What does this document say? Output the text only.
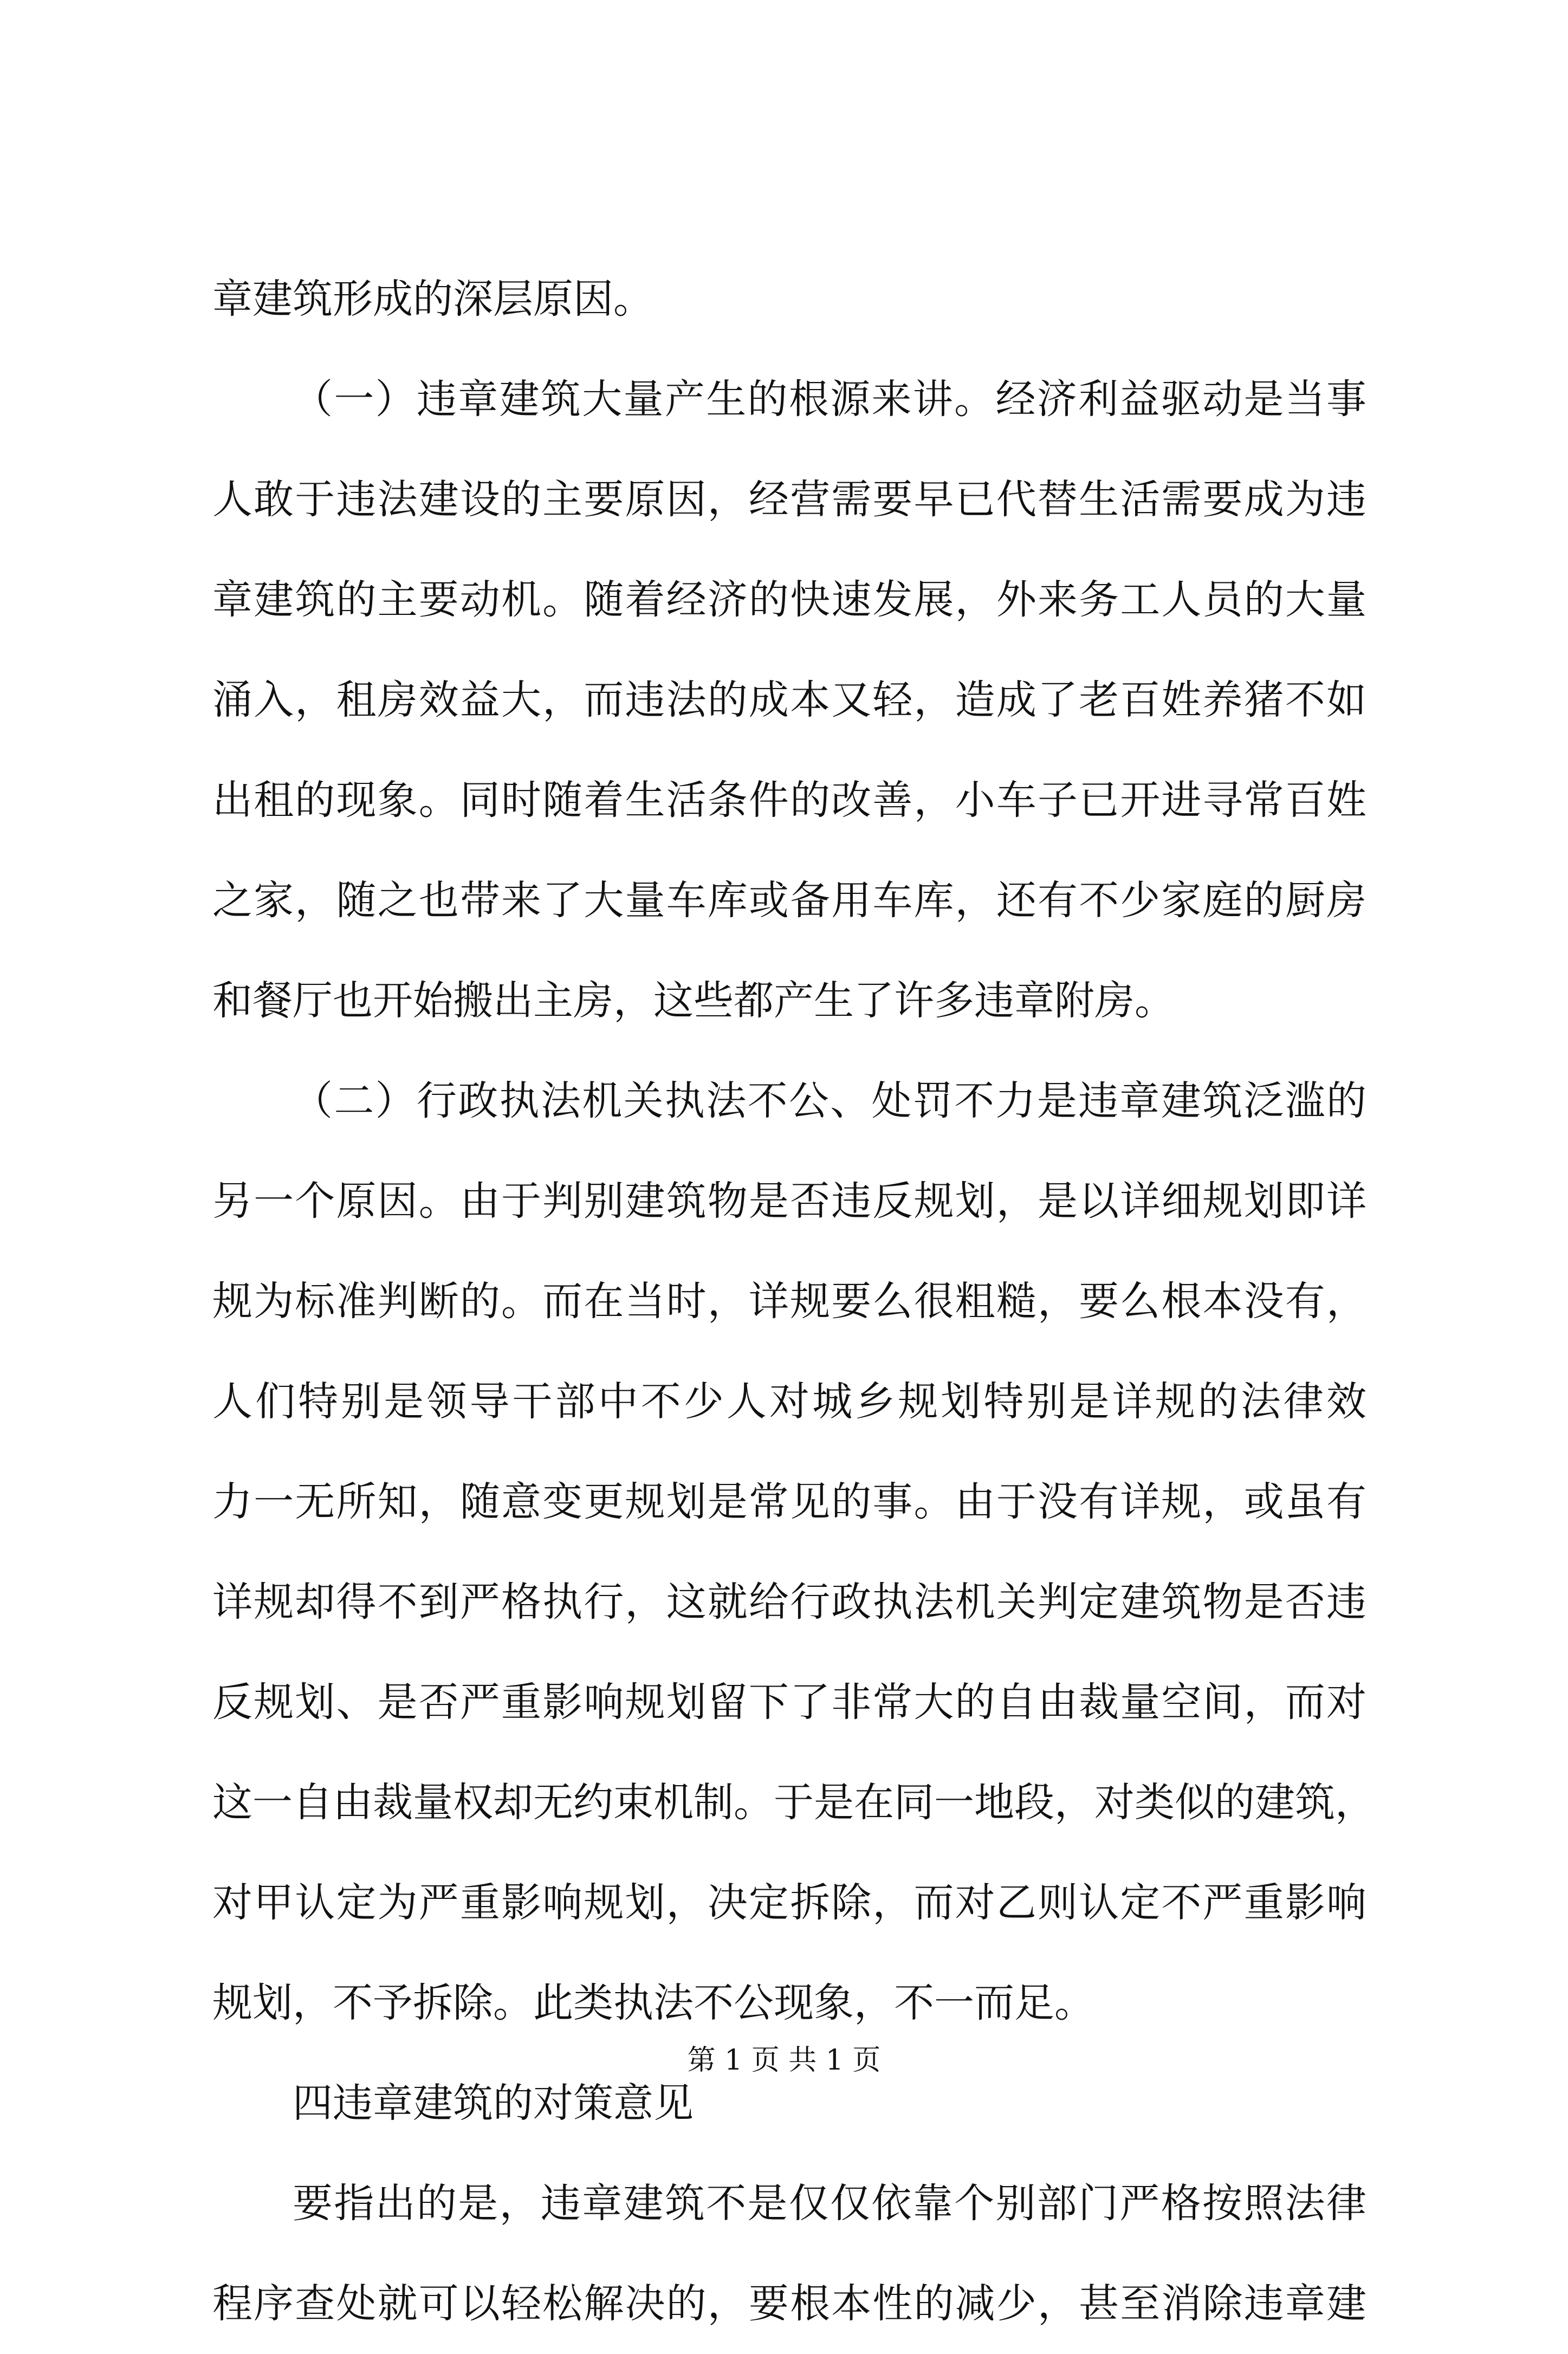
章建筑形成的深层原因。
（一）违章建筑大量产生的根源来讲。经济利益驱动是当事
人敢于违法建设的主要原因，经营需要早已代替生活需要成为违
章建筑的主要动机。随着经济的快速发展，外来务工人员的大量
涌入，租房效益大，而违法的成本又轻，造成了老百姓养猪不如
出租的现象。同时随着生活条件的改善，小车子已开进寻常百姓
之家，随之也带来了大量车库或备用车库，还有不少家庭的厨房
和餐厅也开始搬出主房，这些都产生了许多违章附房。
（二）行政执法机关执法不公、处罚不力是违章建筑泛滥的
另一个原因。由于判别建筑物是否违反规划，是以详细规划即详
规为标准判断的。而在当时，详规要么很粗糙，要么根本没有，
人们特别是领导干部中不少人对城乡规划特别是详规的法律效
力一无所知，随意变更规划是常见的事。由于没有详规，或虽有
详规却得不到严格执行，这就给行政执法机关判定建筑物是否违
反规划、是否严重影响规划留下了非常大的自由裁量空间，而对
这一自由裁量权却无约束机制。于是在同一地段，对类似的建筑，
对甲认定为严重影响规划，决定拆除，而对乙则认定不严重影响
规划，不予拆除。此类执法不公现象，不一而足。
四违章建筑的对策意见
要指出的是，违章建筑不是仅仅依靠个别部门严格按照法律
程序查处就可以轻松解决的，要根本性的减少，甚至消除违章建
第 1 页 共 1 页
